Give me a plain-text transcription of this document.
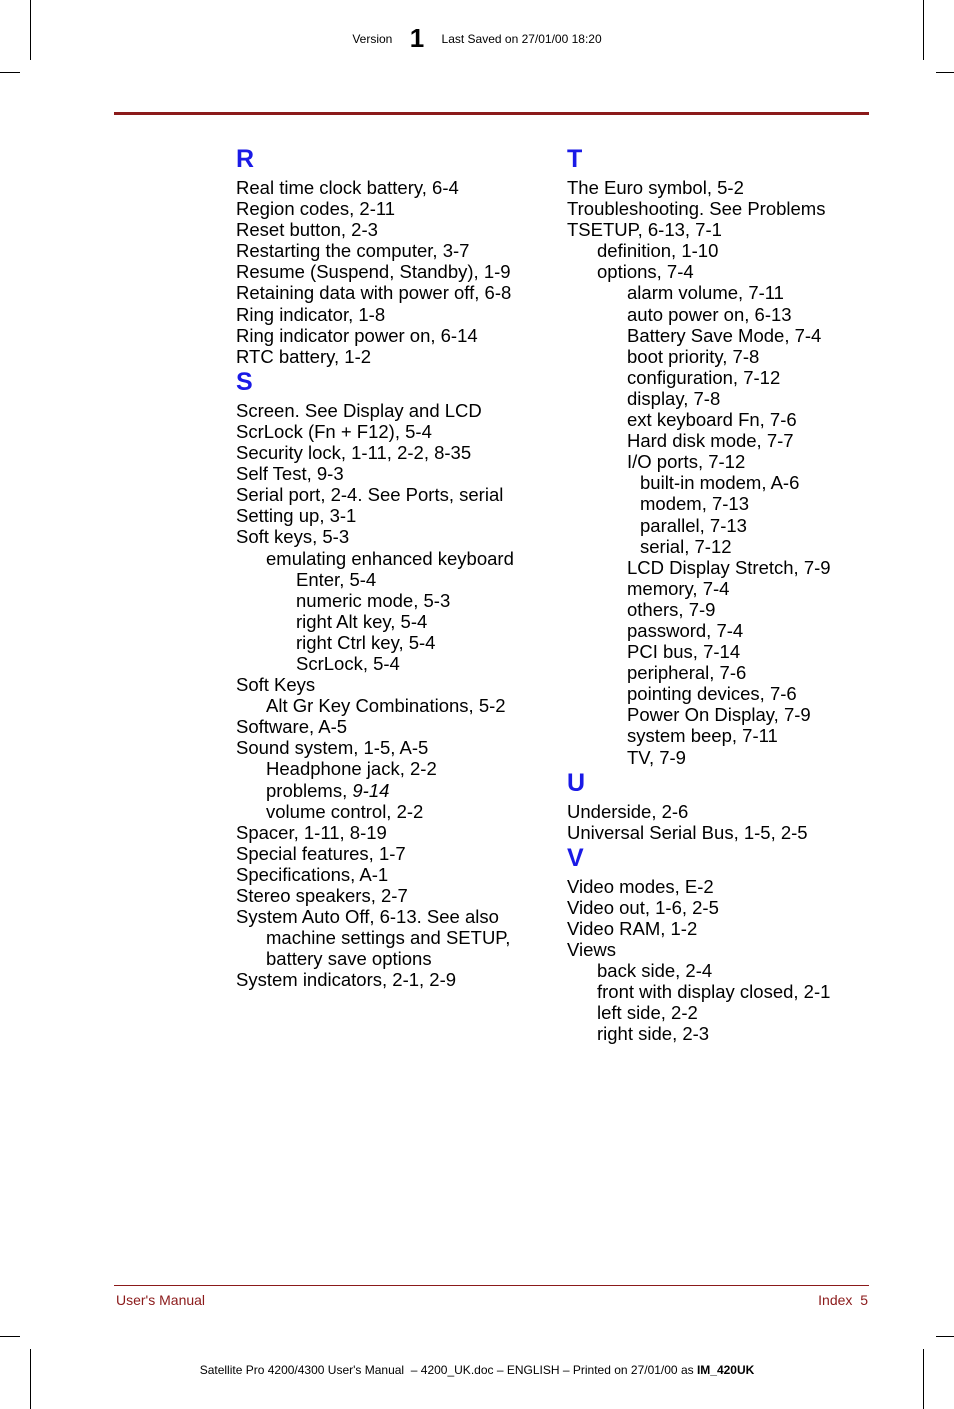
Version 1 Last Saved on 27/01/00 18:20
R
Real time clock battery, 6-4
Region codes, 2-11
Reset button, 2-3
Restarting the computer, 3-7
Resume (Suspend, Standby), 1-9
Retaining data with power off, 6-8
Ring indicator, 1-8
Ring indicator power on, 6-14
RTC battery, 1-2
S
Screen. See Display and LCD
ScrLock (Fn + F12), 5-4
Security lock, 1-11, 2-2, 8-35
Self Test, 9-3
Serial port, 2-4. See Ports, serial
Setting up, 3-1
Soft keys, 5-3
emulating enhanced keyboard
Enter, 5-4
numeric mode, 5-3
right Alt key, 5-4
right Ctrl key, 5-4
ScrLock, 5-4
Soft Keys
Alt Gr Key Combinations, 5-2
Software, A-5
Sound system, 1-5, A-5
Headphone jack, 2-2
problems, 9-14
volume control, 2-2
Spacer, 1-11, 8-19
Special features, 1-7
Specifications, A-1
Stereo speakers, 2-7
System Auto Off, 6-13. See also
machine settings and SETUP,
battery save options
System indicators, 2-1, 2-9
T
The Euro symbol, 5-2
Troubleshooting. See Problems
TSETUP, 6-13, 7-1
definition, 1-10
options, 7-4
alarm volume, 7-11
auto power on, 6-13
Battery Save Mode, 7-4
boot priority, 7-8
configuration, 7-12
display, 7-8
ext keyboard Fn, 7-6
Hard disk mode, 7-7
I/O ports, 7-12
built-in modem, A-6
modem, 7-13
parallel, 7-13
serial, 7-12
LCD Display Stretch, 7-9
memory, 7-4
others, 7-9
password, 7-4
PCI bus, 7-14
peripheral, 7-6
pointing devices, 7-6
Power On Display, 7-9
system beep, 7-11
TV, 7-9
U
Underside, 2-6
Universal Serial Bus, 1-5, 2-5
V
Video modes, E-2
Video out, 1-6, 2-5
Video RAM, 1-2
Views
back side, 2-4
front with display closed, 2-1
left side, 2-2
right side, 2-3
User's Manual	Index  5
Satellite Pro 4200/4300 User's Manual  – 4200_UK.doc – ENGLISH – Printed on 27/01/00 as IM_420UK
